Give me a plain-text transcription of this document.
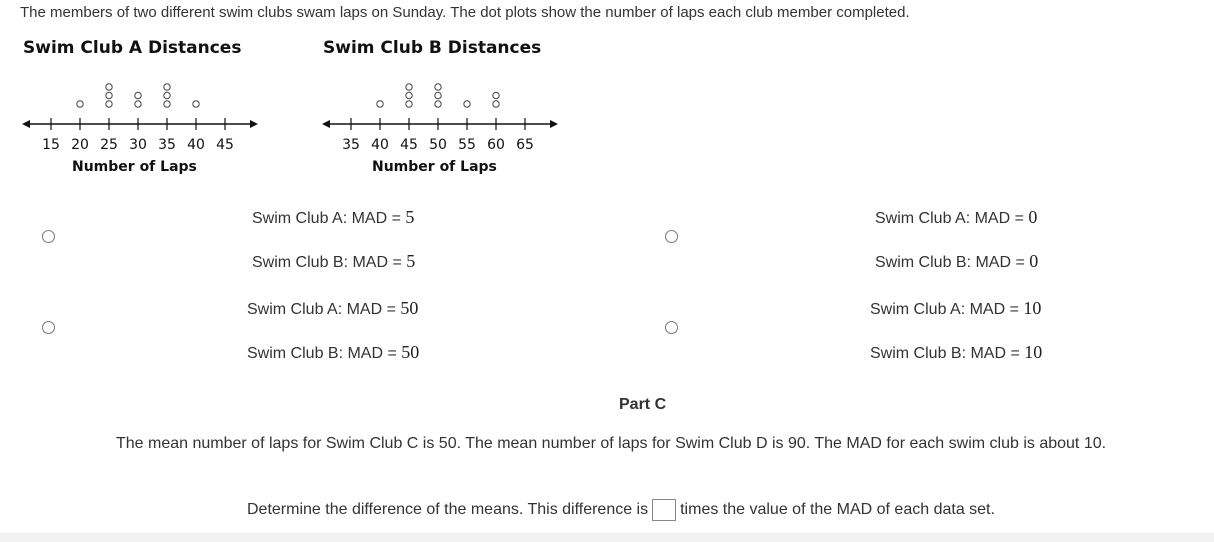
The members of two different swim clubs swam laps on Sunday. The dot plots show the number of laps each club member completed.
Swim Club A Distances
15 20 25 30 35 40 45
Number of Laps
Swim Club B Distances
35 40 45 50 55 60 65
Number of Laps
Swim Club A: MAD = 5
Swim Club B: MAD = 5
Swim Club A: MAD = 0
Swim Club B: MAD = 0
Swim Club A: MAD = 50
Swim Club B: MAD = 50
Swim Club A: MAD = 10
Swim Club B: MAD = 10
Part C
The mean number of laps for Swim Club C is 50. The mean number of laps for Swim Club D is 90. The MAD for each swim club is about 10.
Determine the difference of the means. This difference is times the value of the MAD of each data set.
